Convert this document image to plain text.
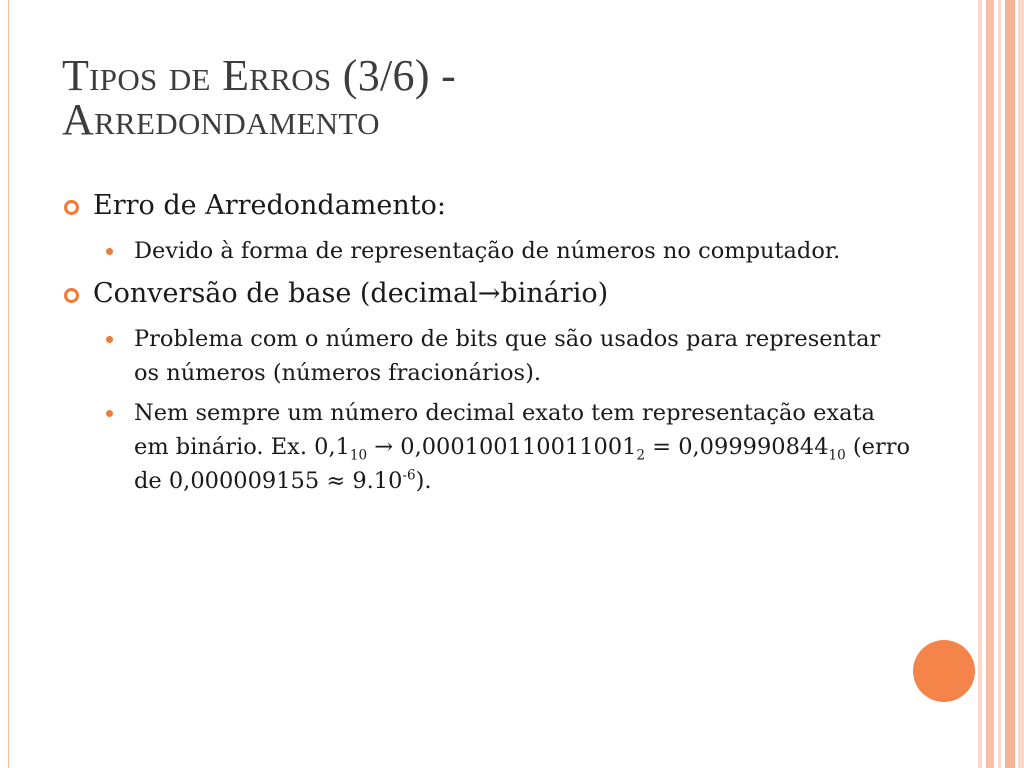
Tipos de Erros (3/6) -
Arredondamento
Erro de Arredondamento:
Devido à forma de representação de números no computador.
Conversão de base (decimal→binário)
Problema com o número de bits que são usados para representar os números (números fracionários).
Nem sempre um número decimal exato tem representação exata em binário. Ex. $0,1_{10} \to 0,000100110011001_2 = 0,099990844_{10}$ (erro de $0,000009155 \approx 9.10^{-6}$).
